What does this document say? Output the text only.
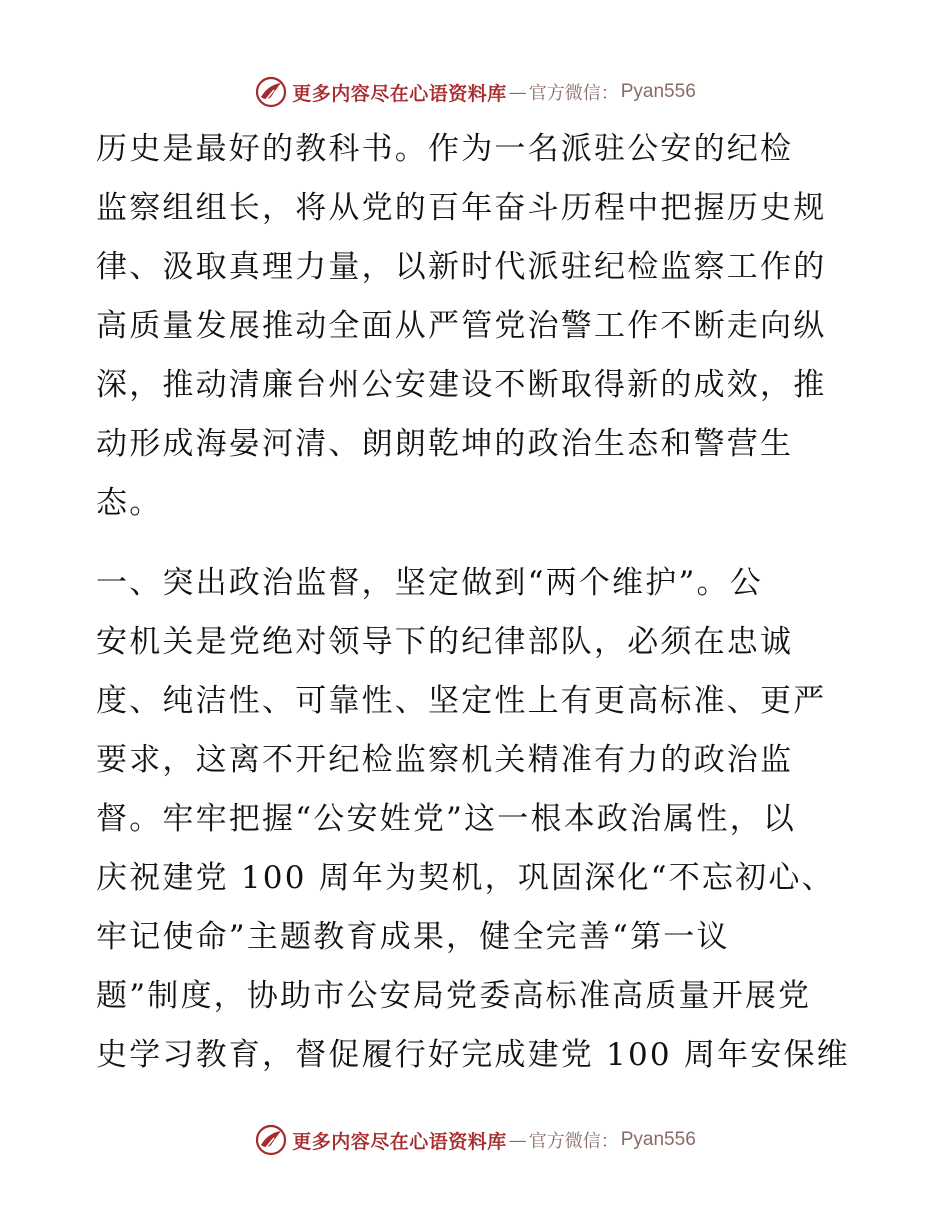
更多内容尽在心语资料库 — 官方微信： Pyan556

历史是最好的教科书。作为一名派驻公安的纪检
监察组组长，将从党的百年奋斗历程中把握历史规
律、汲取真理力量，以新时代派驻纪检监察工作的
高质量发展推动全面从严管党治警工作不断走向纵
深，推动清廉台州公安建设不断取得新的成效，推
动形成海晏河清、朗朗乾坤的政治生态和警营生
态。

一、突出政治监督，坚定做到“两个维护”。公
安机关是党绝对领导下的纪律部队，必须在忠诚
度、纯洁性、可靠性、坚定性上有更高标准、更严
要求，这离不开纪检监察机关精准有力的政治监
督。牢牢把握“公安姓党”这一根本政治属性，以
庆祝建党 100 周年为契机，巩固深化“不忘初心、
牢记使命”主题教育成果，健全完善“第一议
题”制度，协助市公安局党委高标准高质量开展党
史学习教育，督促履行好完成建党 100 周年安保维

更多内容尽在心语资料库 — 官方微信： Pyan556
